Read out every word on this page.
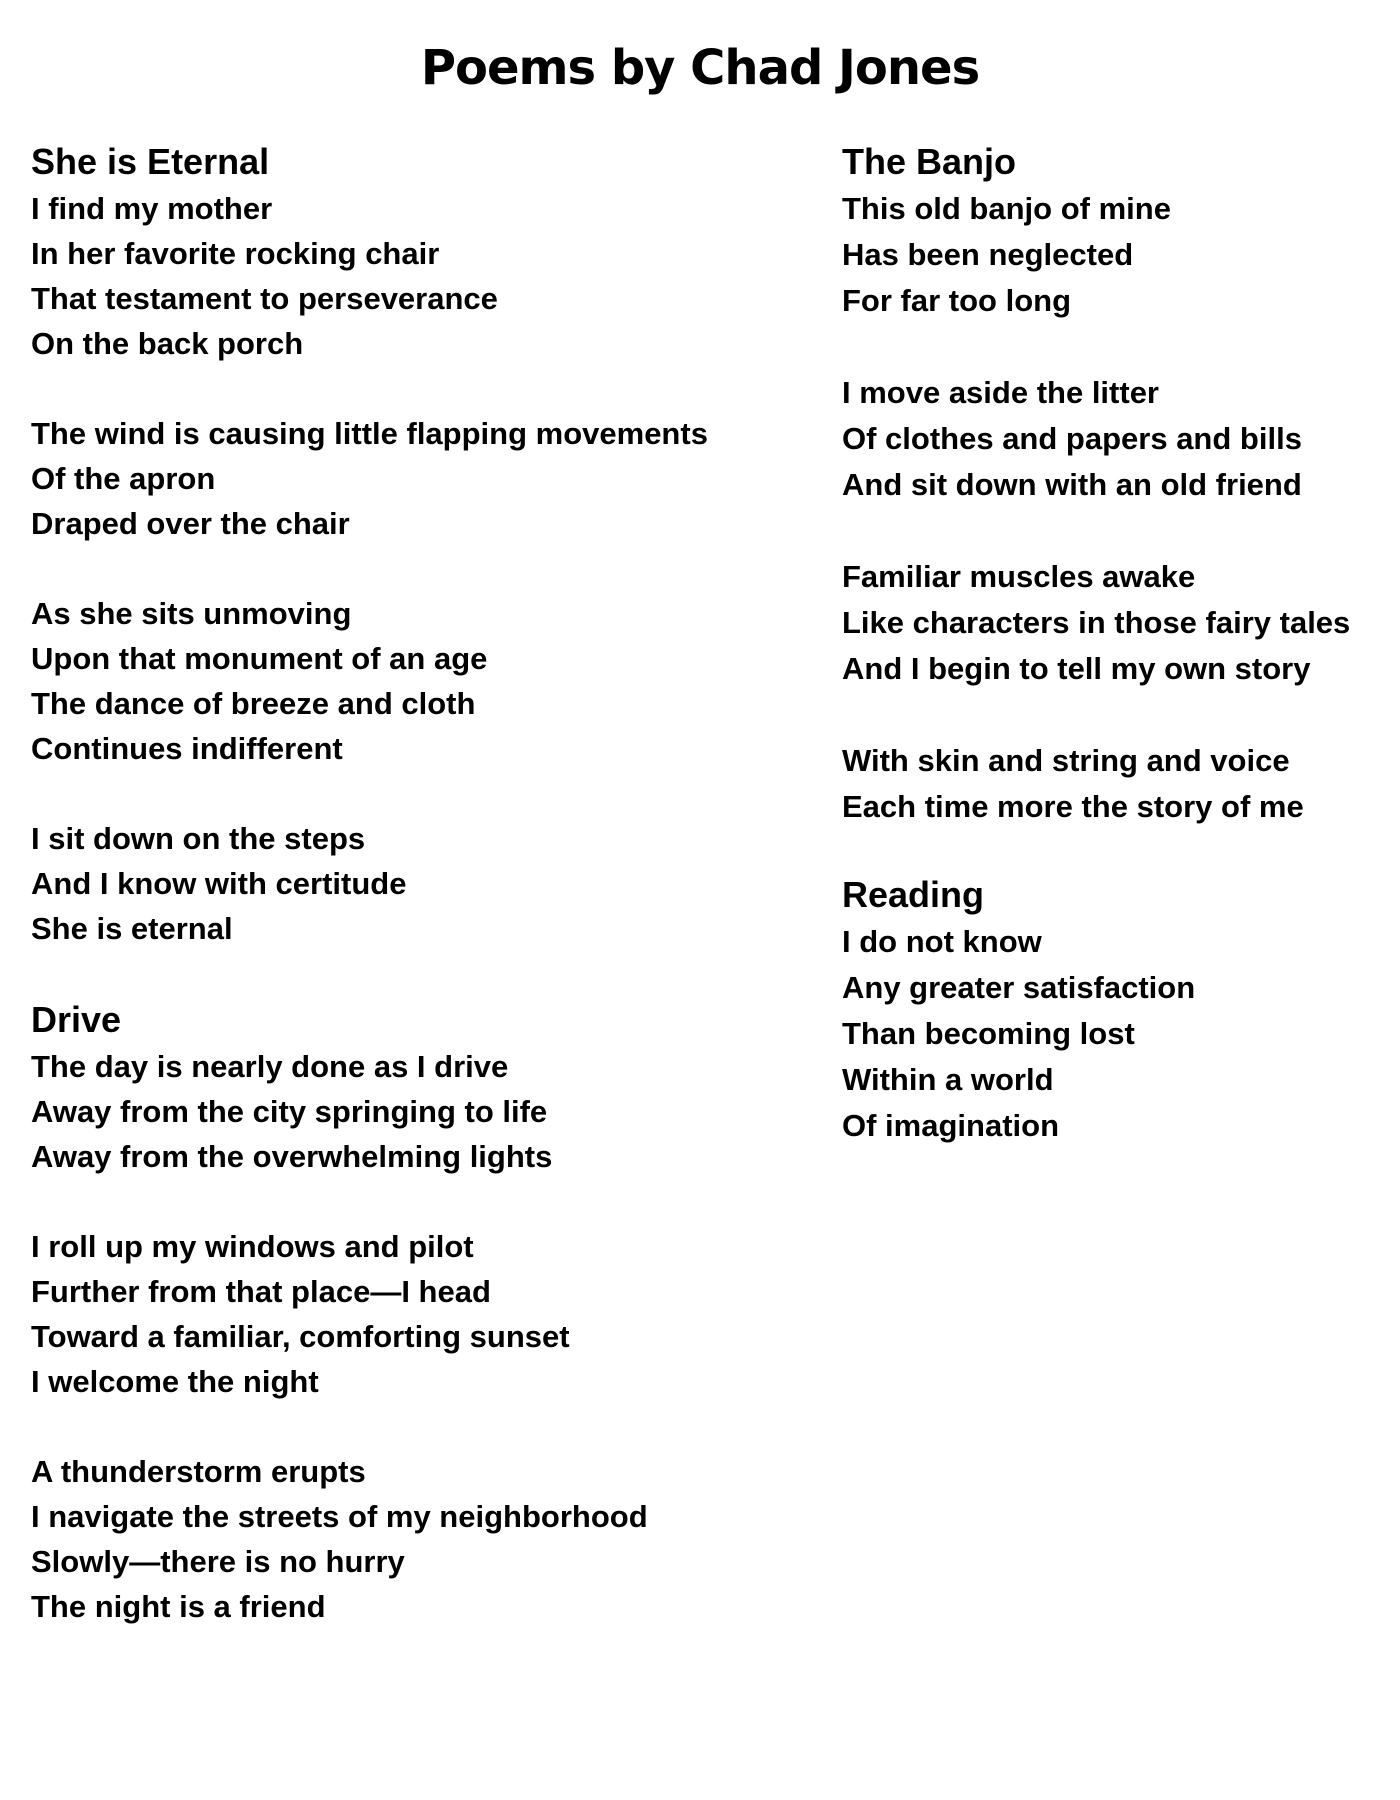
Poems by Chad Jones
She is Eternal
I find my mother
In her favorite rocking chair
That testament to perseverance
On the back porch
The wind is causing little flapping movements
Of the apron
Draped over the chair
As she sits unmoving
Upon that monument of an age
The dance of breeze and cloth
Continues indifferent
I sit down on the steps
And I know with certitude
She is eternal
Drive
The day is nearly done as I drive
Away from the city springing to life
Away from the overwhelming lights
I roll up my windows and pilot
Further from that place—I head
Toward a familiar, comforting sunset
I welcome the night
A thunderstorm erupts
I navigate the streets of my neighborhood
Slowly—there is no hurry
The night is a friend
The Banjo
This old banjo of mine
Has been neglected
For far too long
I move aside the litter
Of clothes and papers and bills
And sit down with an old friend
Familiar muscles awake
Like characters in those fairy tales
And I begin to tell my own story
With skin and string and voice
Each time more the story of me
Reading
I do not know
Any greater satisfaction
Than becoming lost
Within a world
Of imagination
